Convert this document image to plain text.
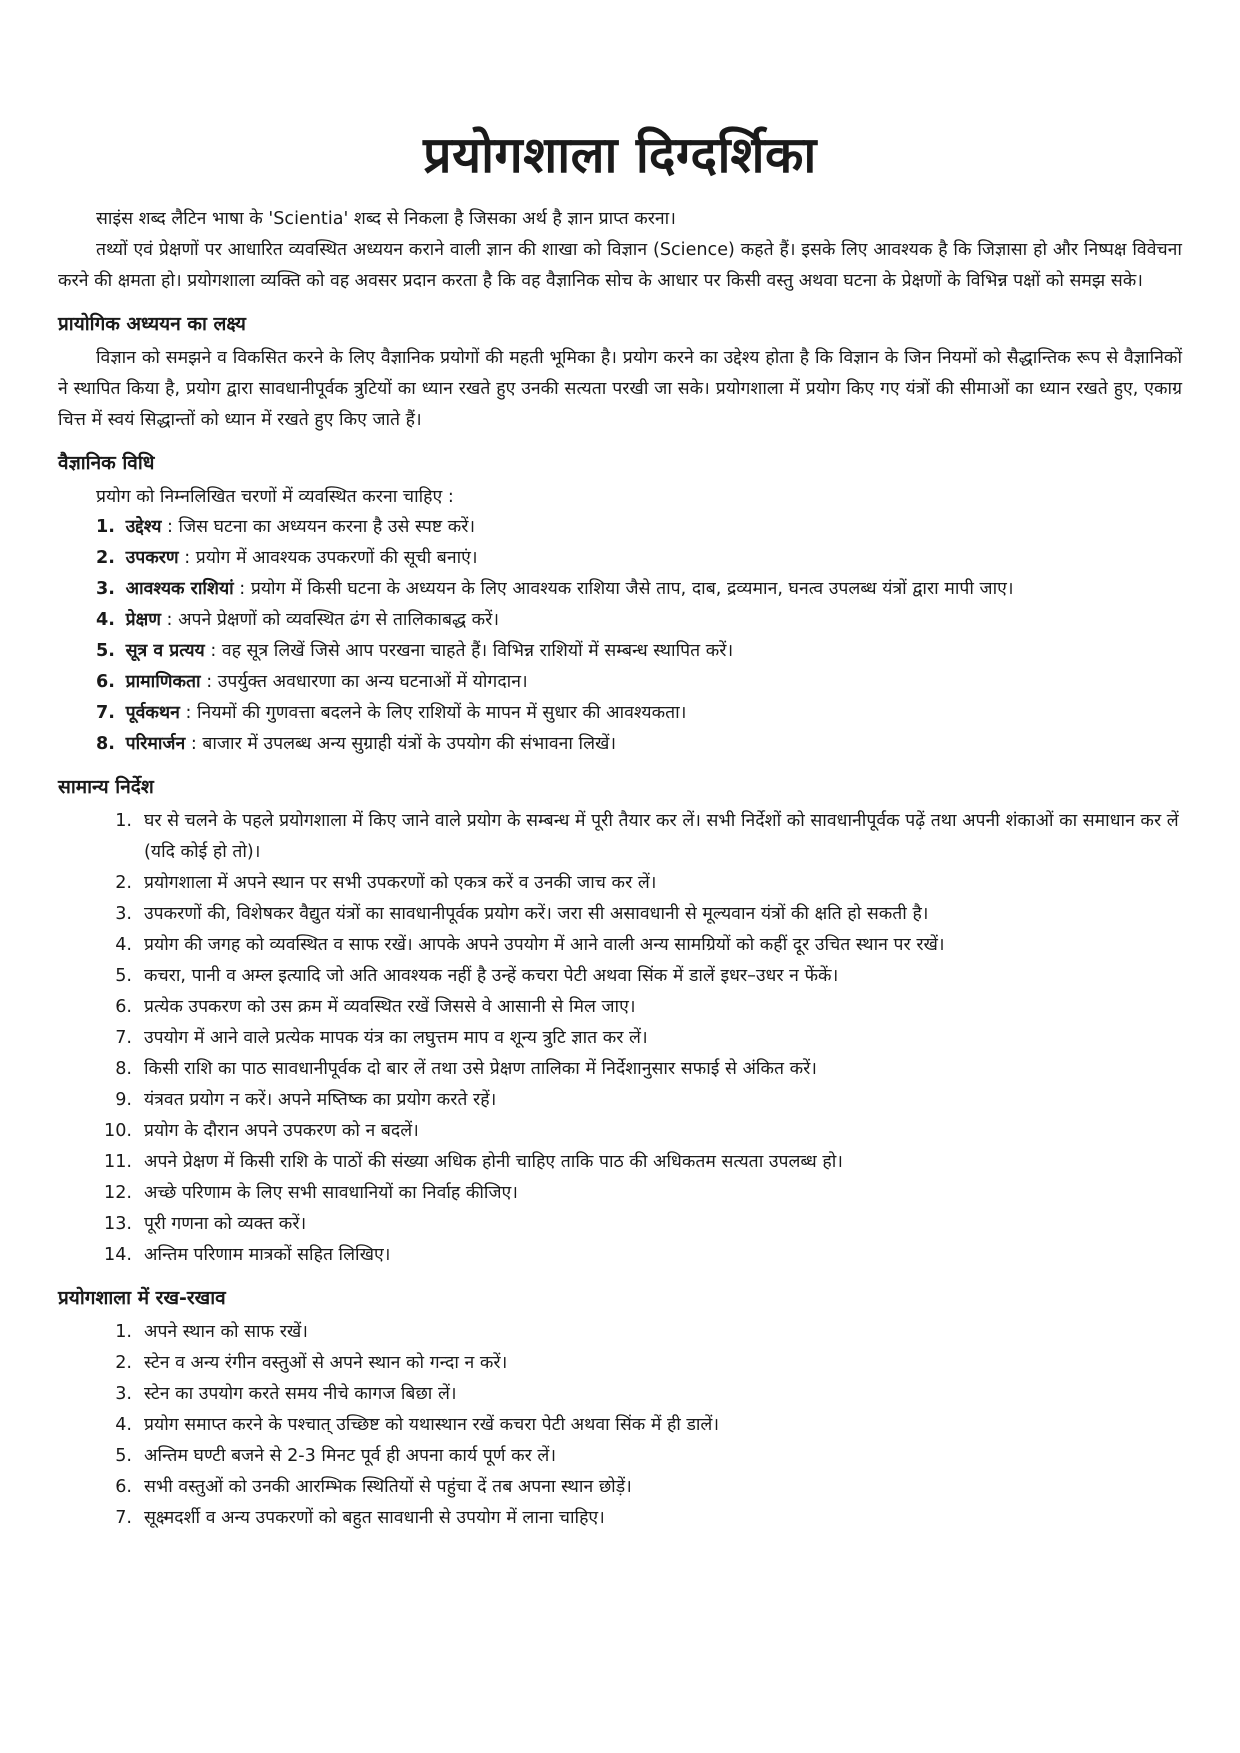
प्रयोगशाला दिग्दर्शिका

साइंस शब्द लैटिन भाषा के 'Scientia' शब्द से निकला है जिसका अर्थ है ज्ञान प्राप्त करना।

तथ्यों एवं प्रेक्षणों पर आधारित व्यवस्थित अध्ययन कराने वाली ज्ञान की शाखा को विज्ञान (Science) कहते हैं। इसके लिए आवश्यक है कि जिज्ञासा हो और निष्पक्ष विवेचना करने की क्षमता हो। प्रयोगशाला व्यक्ति को वह अवसर प्रदान करता है कि वह वैज्ञानिक सोच के आधार पर किसी वस्तु अथवा घटना के प्रेक्षणों के विभिन्न पक्षों को समझ सके।

प्रायोगिक अध्ययन का लक्ष्य

विज्ञान को समझने व विकसित करने के लिए वैज्ञानिक प्रयोगों की महती भूमिका है। प्रयोग करने का उद्देश्य होता है कि विज्ञान के जिन नियमों को सैद्धान्तिक रूप से वैज्ञानिकों ने स्थापित किया है, प्रयोग द्वारा सावधानीपूर्वक त्रुटियों का ध्यान रखते हुए उनकी सत्यता परखी जा सके। प्रयोगशाला में प्रयोग किए गए यंत्रों की सीमाओं का ध्यान रखते हुए, एकाग्र चित्त में स्वयं सिद्धान्तों को ध्यान में रखते हुए किए जाते हैं।

वैज्ञानिक विधि
प्रयोग को निम्नलिखित चरणों में व्यवस्थित करना चाहिए :
1. उद्देश्य : जिस घटना का अध्ययन करना है उसे स्पष्ट करें।
2. उपकरण : प्रयोग में आवश्यक उपकरणों की सूची बनाएं।
3. आवश्यक राशियां : प्रयोग में किसी घटना के अध्ययन के लिए आवश्यक राशिया जैसे ताप, दाब, द्रव्यमान, घनत्व उपलब्ध यंत्रों द्वारा मापी जाए।
4. प्रेक्षण : अपने प्रेक्षणों को व्यवस्थित ढंग से तालिकाबद्ध करें।
5. सूत्र व प्रत्यय : वह सूत्र लिखें जिसे आप परखना चाहते हैं। विभिन्न राशियों में सम्बन्ध स्थापित करें।
6. प्रामाणिकता : उपर्युक्त अवधारणा का अन्य घटनाओं में योगदान।
7. पूर्वकथन : नियमों की गुणवत्ता बदलने के लिए राशियों के मापन में सुधार की आवश्यकता।
8. परिमार्जन : बाजार में उपलब्ध अन्य सुग्राही यंत्रों के उपयोग की संभावना लिखें।
सामान्य निर्देश
1. घर से चलने के पहले प्रयोगशाला में किए जाने वाले प्रयोग के सम्बन्ध में पूरी तैयार कर लें। सभी निर्देशों को सावधानीपूर्वक पढ़ें तथा अपनी शंकाओं का समाधान कर लें (यदि कोई हो तो)।
2. प्रयोगशाला में अपने स्थान पर सभी उपकरणों को एकत्र करें व उनकी जाच कर लें।
3. उपकरणों की, विशेषकर वैद्युत यंत्रों का सावधानीपूर्वक प्रयोग करें। जरा सी असावधानी से मूल्यवान यंत्रों की क्षति हो सकती है।
4. प्रयोग की जगह को व्यवस्थित व साफ रखें। आपके अपने उपयोग में आने वाली अन्य सामग्रियों को कहीं दूर उचित स्थान पर रखें।
5. कचरा, पानी व अम्ल इत्यादि जो अति आवश्यक नहीं है उन्हें कचरा पेटी अथवा सिंक में डालें इधर–उधर न फेंकें।
6. प्रत्येक उपकरण को उस क्रम में व्यवस्थित रखें जिससे वे आसानी से मिल जाए।
7. उपयोग में आने वाले प्रत्येक मापक यंत्र का लघुत्तम माप व शून्य त्रुटि ज्ञात कर लें।
8. किसी राशि का पाठ सावधानीपूर्वक दो बार लें तथा उसे प्रेक्षण तालिका में निर्देशानुसार सफाई से अंकित करें।
9. यंत्रवत प्रयोग न करें। अपने मष्तिष्क का प्रयोग करते रहें।
10. प्रयोग के दौरान अपने उपकरण को न बदलें।
11. अपने प्रेक्षण में किसी राशि के पाठों की संख्या अधिक होनी चाहिए ताकि पाठ की अधिकतम सत्यता उपलब्ध हो।
12. अच्छे परिणाम के लिए सभी सावधानियों का निर्वाह कीजिए।
13. पूरी गणना को व्यक्त करें।
14. अन्तिम परिणाम मात्रकों सहित लिखिए।
प्रयोगशाला में रख-रखाव
1. अपने स्थान को साफ रखें।
2. स्टेन व अन्य रंगीन वस्तुओं से अपने स्थान को गन्दा न करें।
3. स्टेन का उपयोग करते समय नीचे कागज बिछा लें।
4. प्रयोग समाप्त करने के पश्चात् उच्छिष्ट को यथास्थान रखें कचरा पेटी अथवा सिंक में ही डालें।
5. अन्तिम घण्टी बजने से 2-3 मिनट पूर्व ही अपना कार्य पूर्ण कर लें।
6. सभी वस्तुओं को उनकी आरम्भिक स्थितियों से पहुंचा दें तब अपना स्थान छोड़ें।
7. सूक्ष्मदर्शी व अन्य उपकरणों को बहुत सावधानी से उपयोग में लाना चाहिए।
